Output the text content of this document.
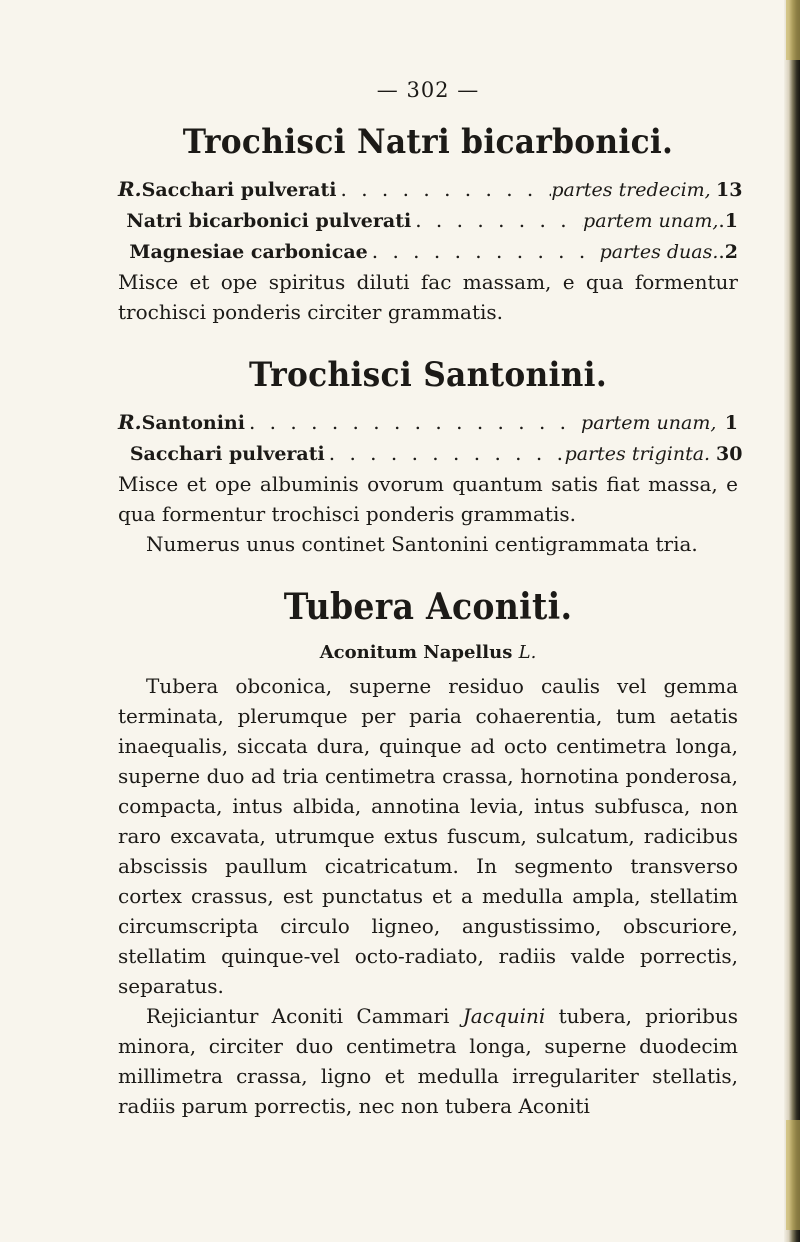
— 302 —
Trochisci Natri bicarbonici.
R. Sacchari pulverati . . .	partes tredecim, 13
Natri bicarbonici pulverati . . .	partem unam, . 1
Magnesiae carbonicae . . .	partes duas. . 2

Misce et ope spiritus diluti fac massam, e qua formentur trochisci ponderis circiter grammatis.

Trochisci Santonini.
R. Santonini . . .	partem unam, 1
Sacchari pulverati . . .	partes triginta. 30

Misce et ope albuminis ovorum quantum satis fiat massa, e qua formentur trochisci ponderis grammatis.

Numerus unus continet Santonini centigrammata tria.

Tubera Aconiti.
Aconitum Napellus L.

Tubera obconica, superne residuo caulis vel gemma terminata, plerumque per paria cohaerentia, tum aetatis inaequalis, siccata dura, quinque ad octo centimetra longa, superne duo ad tria centimetra crassa, hornotina ponderosa, compacta, intus albida, annotina levia, intus subfusca, non raro excavata, utrumque extus fuscum, sulcatum, radicibus abscissis paullum cicatricatum. In segmento transverso cortex crassus, est punctatus et a medulla ampla, stellatim circumscripta circulo ligneo, angustissimo, obscuriore, stellatim quinque-vel octo-radiato, radiis valde porrectis, separatus.

Rejiciantur Aconiti Cammari Jacquini tubera, prioribus minora, circiter duo centimetra longa, superne duodecim millimetra crassa, ligno et medulla irregulariter stellatis, radiis parum porrectis, nec non tubera Aconiti
